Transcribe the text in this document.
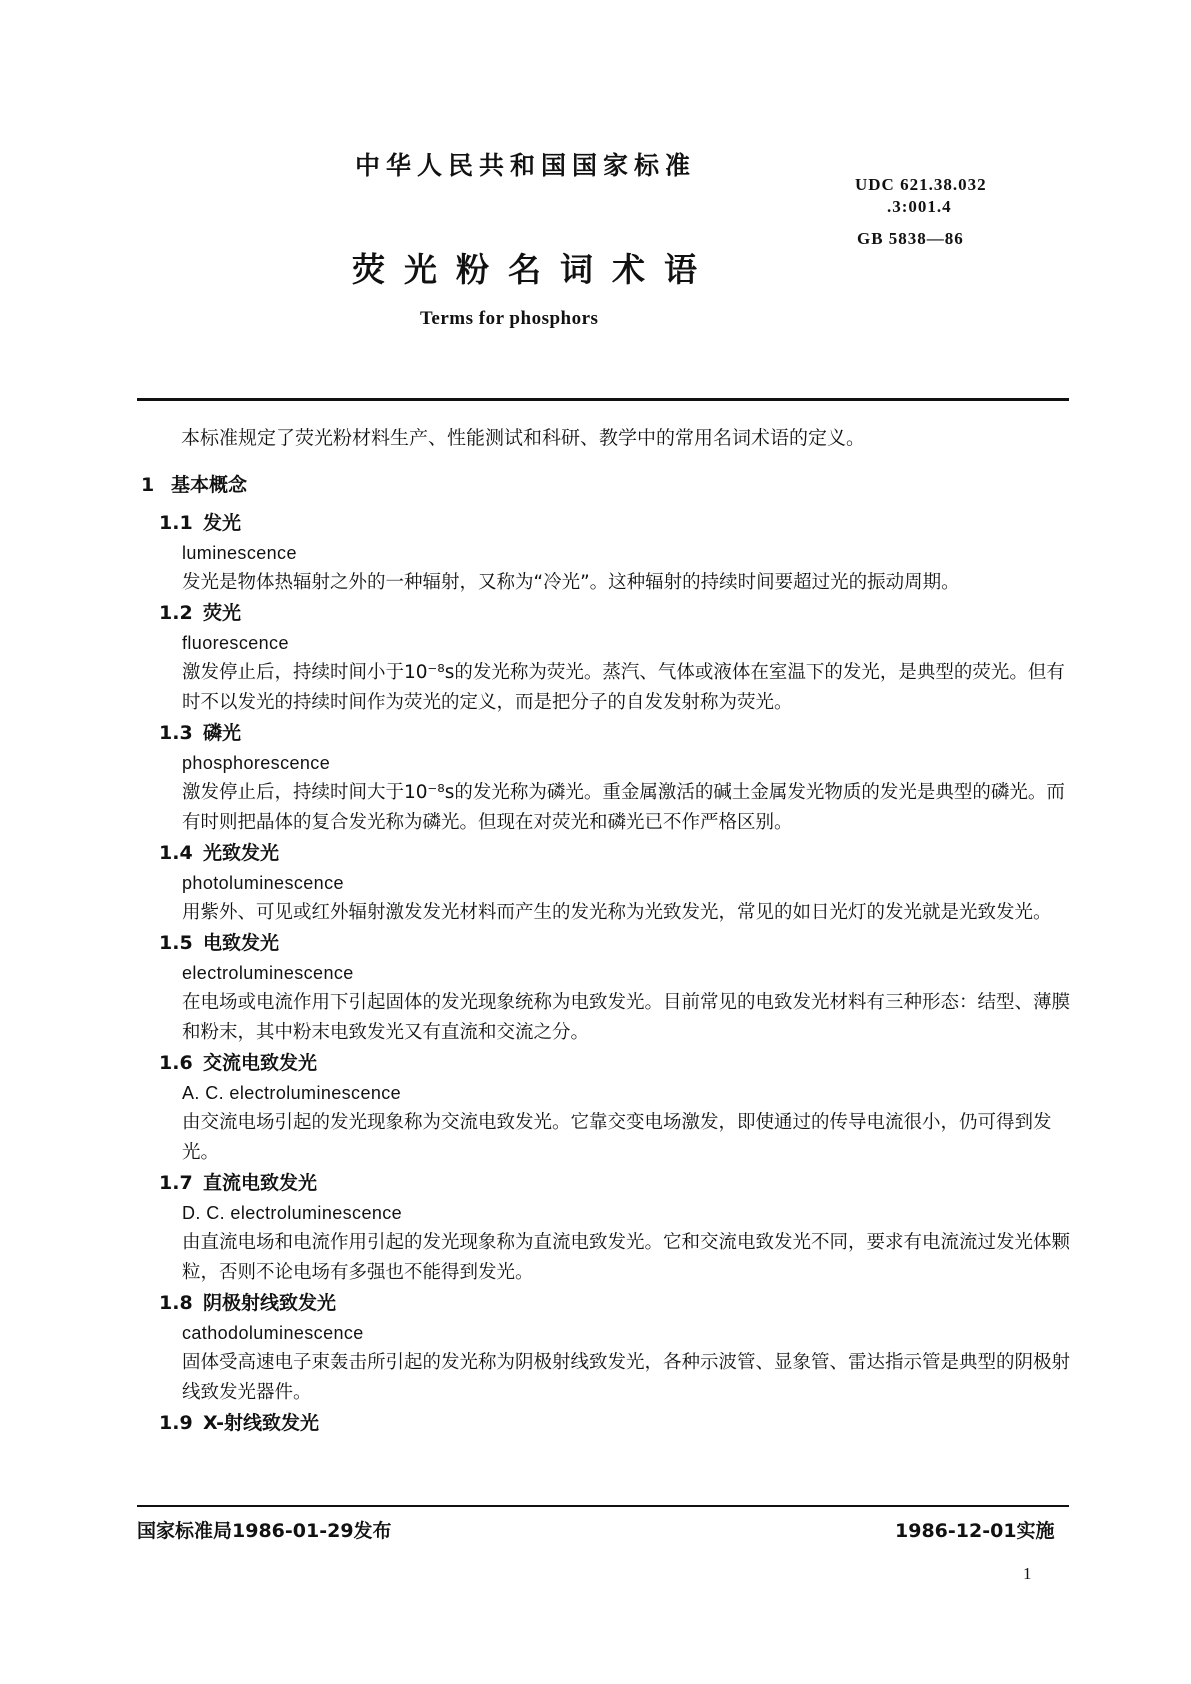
中华人民共和国国家标准
UDC 621.38.032
.3:001.4
GB 5838—86
荧光粉名词术语
Terms for phosphors
本标准规定了荧光粉材料生产、性能测试和科研、教学中的常用名词术语的定义。
1 基本概念
1.1 发光
luminescence
发光是物体热辐射之外的一种辐射，又称为“冷光”。这种辐射的持续时间要超过光的振动周期。
1.2 荧光
fluorescence
激发停止后，持续时间小于10⁻⁸s的发光称为荧光。蒸汽、气体或液体在室温下的发光，是典型的荧光。但有时不以发光的持续时间作为荧光的定义，而是把分子的自发发射称为荧光。
1.3 磷光
phosphorescence
激发停止后，持续时间大于10⁻⁸s的发光称为磷光。重金属激活的碱土金属发光物质的发光是典型的磷光。而有时则把晶体的复合发光称为磷光。但现在对荧光和磷光已不作严格区别。
1.4 光致发光
photoluminescence
用紫外、可见或红外辐射激发发光材料而产生的发光称为光致发光，常见的如日光灯的发光就是光致发光。
1.5 电致发光
electroluminescence
在电场或电流作用下引起固体的发光现象统称为电致发光。目前常见的电致发光材料有三种形态：结型、薄膜和粉末，其中粉末电致发光又有直流和交流之分。
1.6 交流电致发光
A. C. electroluminescence
由交流电场引起的发光现象称为交流电致发光。它靠交变电场激发，即使通过的传导电流很小，仍可得到发光。
1.7 直流电致发光
D. C. electroluminescence
由直流电场和电流作用引起的发光现象称为直流电致发光。它和交流电致发光不同，要求有电流流过发光体颗粒，否则不论电场有多强也不能得到发光。
1.8 阴极射线致发光
cathodoluminescence
固体受高速电子束轰击所引起的发光称为阴极射线致发光，各种示波管、显象管、雷达指示管是典型的阴极射线致发光器件。
1.9 X-射线致发光
国家标准局1986-01-29发布	1986-12-01实施
1
